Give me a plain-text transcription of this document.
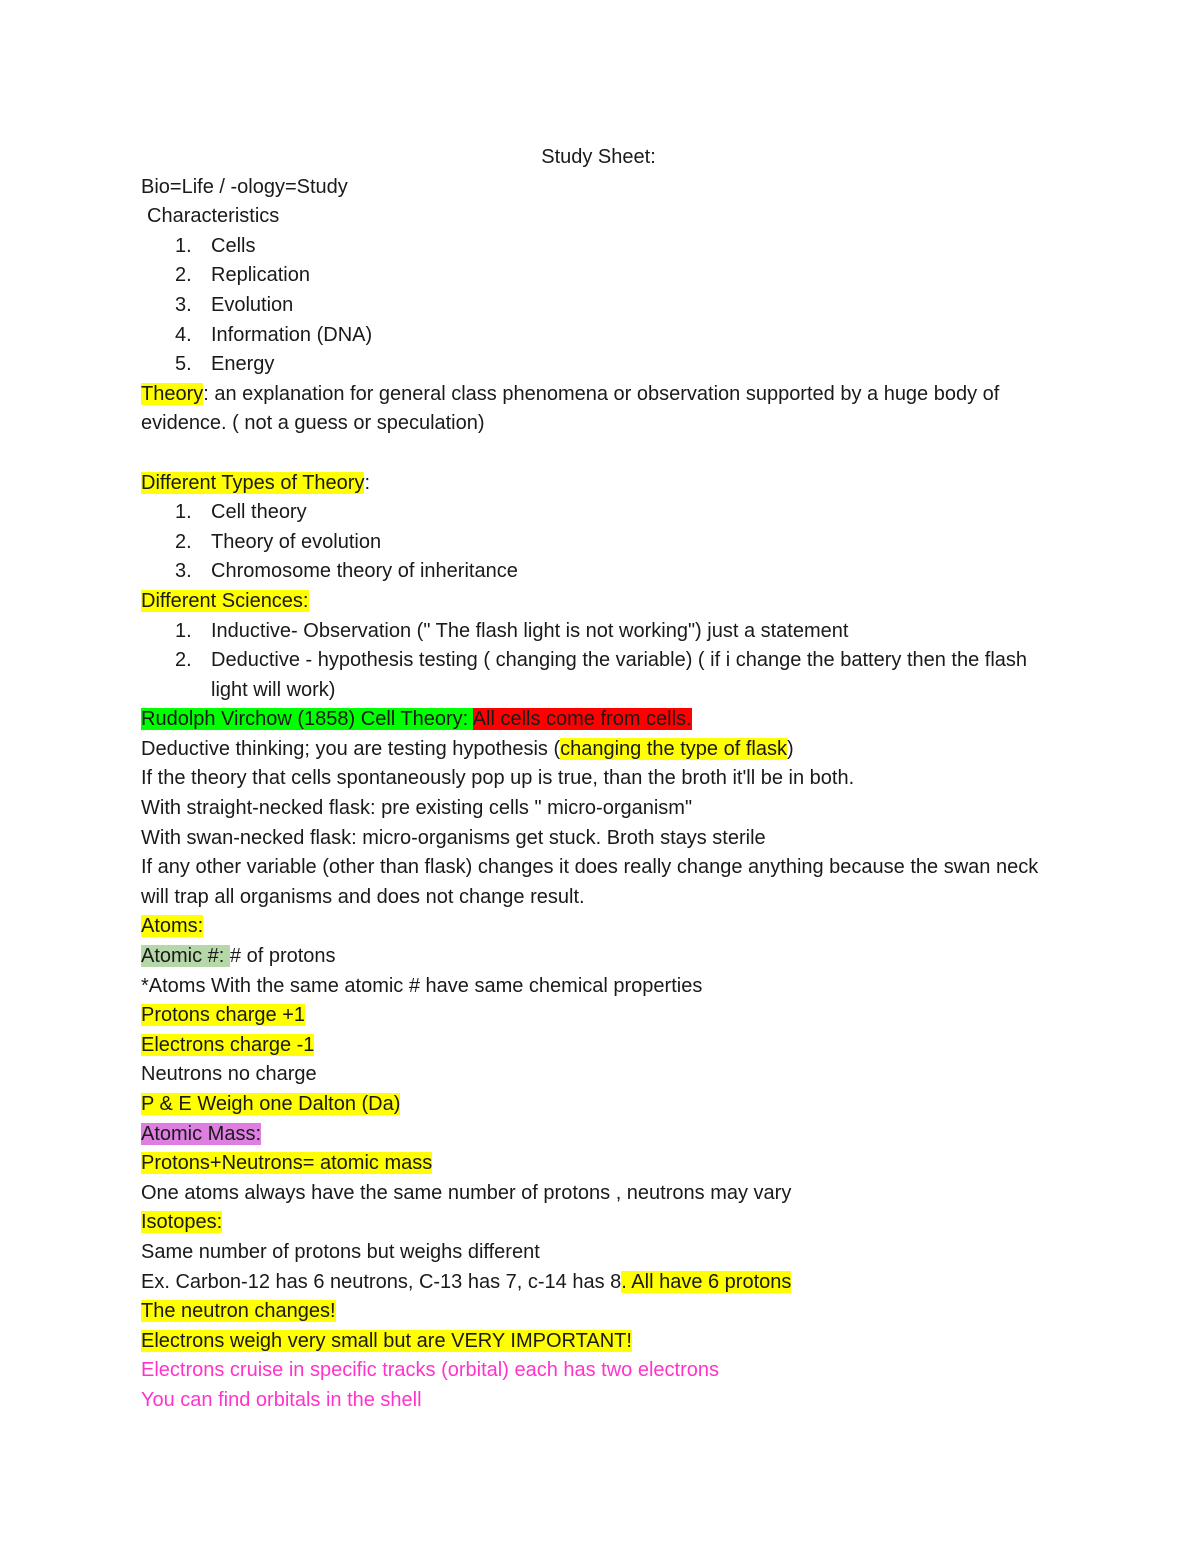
Study Sheet:
Bio=Life / -ology=Study
Characteristics
1. Cells
2. Replication
3. Evolution
4. Information (DNA)
5. Energy
Theory: an explanation for general class phenomena or observation supported by a huge body of evidence. ( not a guess or speculation)
Different Types of Theory:
1. Cell theory
2. Theory of evolution
3. Chromosome theory of inheritance
Different Sciences:
1. Inductive- Observation (" The flash light is not working") just a statement
2. Deductive - hypothesis testing ( changing the variable) ( if i change the battery then the flash light will work)
Rudolph Virchow (1858) Cell Theory: All cells come from cells.
Deductive thinking; you are testing hypothesis (changing the type of flask)
If the theory that cells spontaneously pop up is true, than the broth it'll be in both.
With straight-necked flask: pre existing cells " micro-organism"
With swan-necked flask: micro-organisms get stuck. Broth stays sterile
If any other variable (other than flask) changes it does really change anything because the swan neck will trap all organisms and does not change result.
Atoms:
Atomic #: # of protons
*Atoms With the same atomic # have same chemical properties
Protons charge +1
Electrons charge -1
Neutrons no charge
P & E Weigh one Dalton (Da)
Atomic Mass:
Protons+Neutrons= atomic mass
One atoms always have the same number of protons , neutrons may vary
Isotopes:
Same number of protons but weighs different
Ex. Carbon-12 has 6 neutrons, C-13 has 7, c-14 has 8. All have 6 protons
The neutron changes!
Electrons weigh very small but are VERY IMPORTANT!
Electrons cruise in specific tracks (orbital) each has two electrons
You can find orbitals in the shell
